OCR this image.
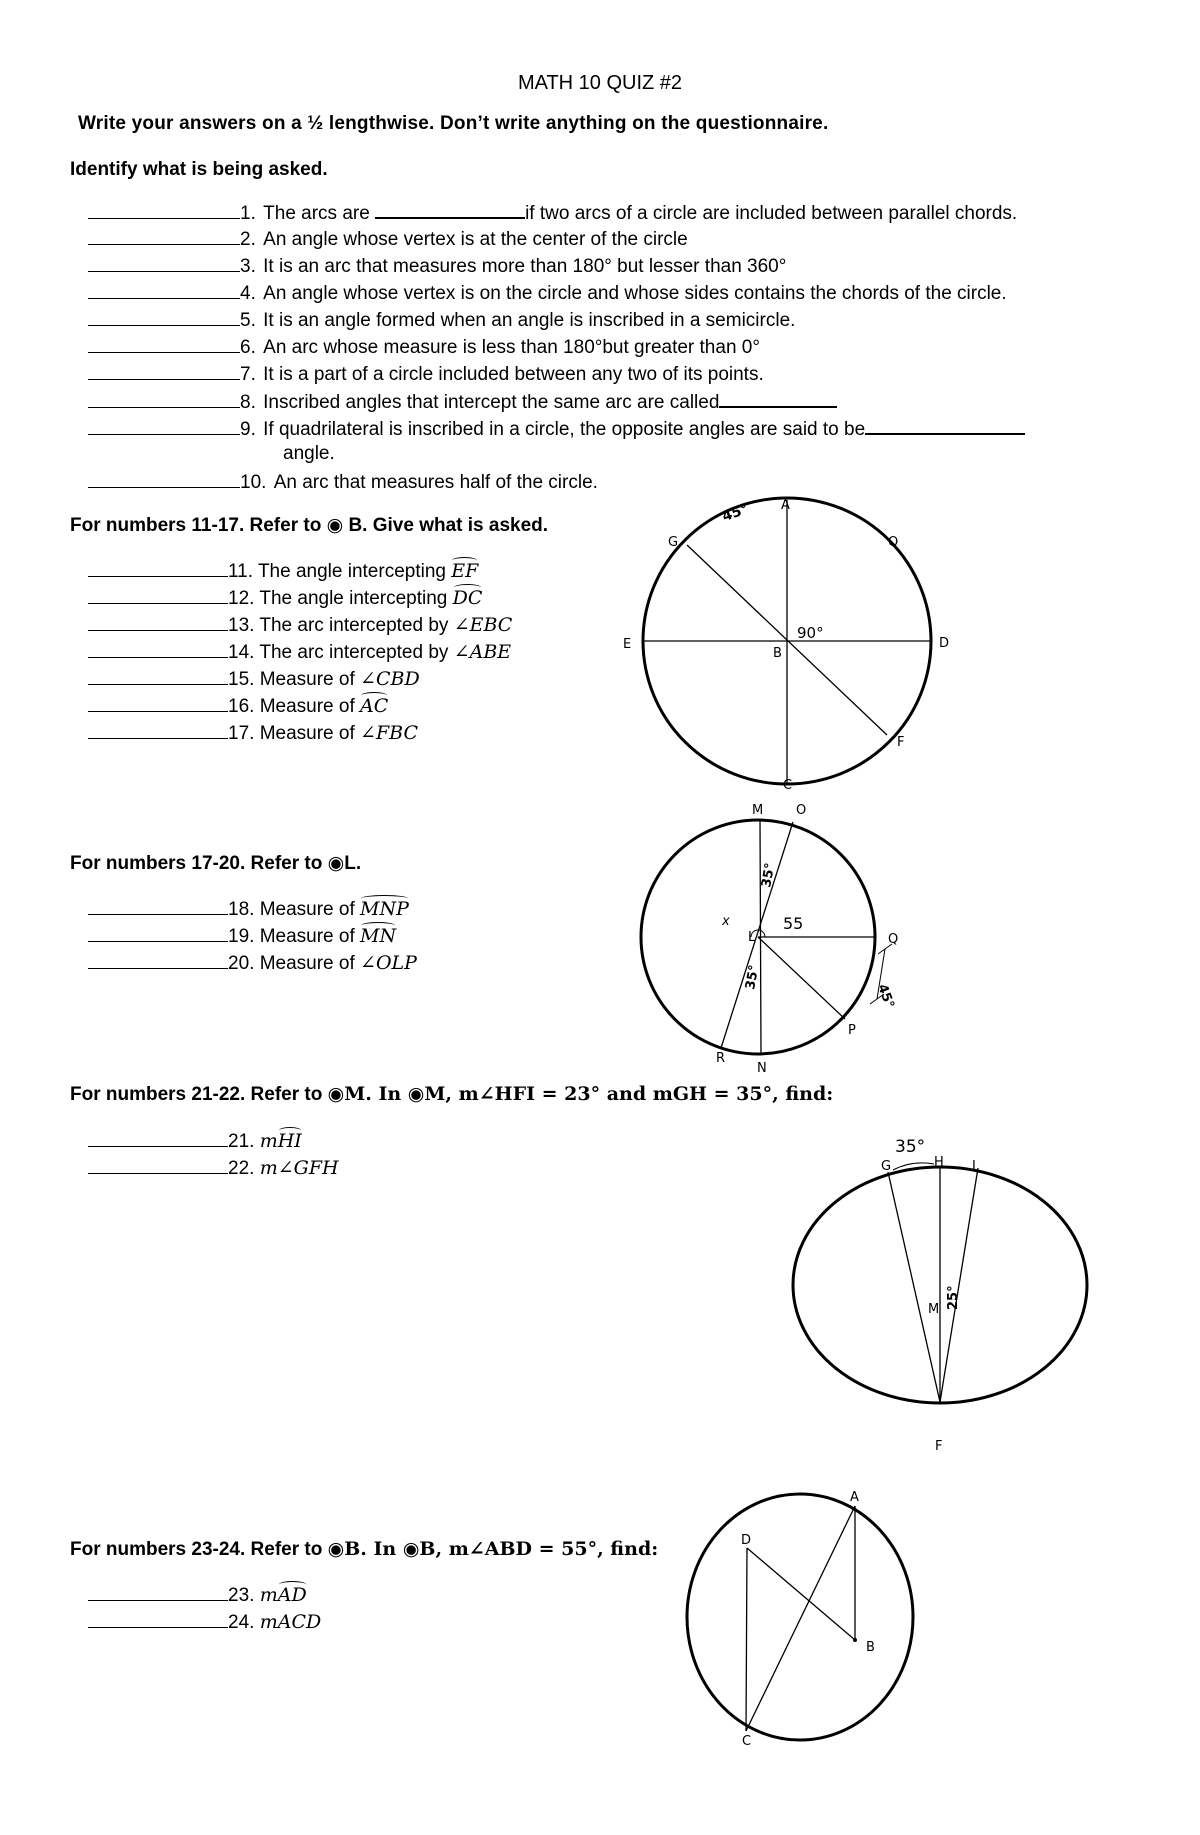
MATH 10 QUIZ #2
Write your answers on a ½ lengthwise. Don’t write anything on the questionnaire.
Identify what is being asked.
1. The arcs are	if two arcs of a circle are included between parallel chords.
2. An angle whose vertex is at the center of the circle
3. It is an arc that measures more than 180° but lesser than 360°
4. An angle whose vertex is on the circle and whose sides contains the chords of the circle.
5. It is an angle formed when an angle is inscribed in a semicircle.
6. An arc whose measure is less than 180°but greater than 0°
7. It is a part of a circle included between any two of its points.
8. Inscribed angles that intercept the same arc are called
9. If quadrilateral is inscribed in a circle, the opposite angles are said to be
angle.
10. An arc that measures half of the circle.
For numbers 11-17. Refer to ◉ B. Give what is asked.
11. The angle intercepting EF
12. The angle intercepting DC
13. The arc intercepted by ∠EBC
14. The arc intercepted by ∠ABE
15. Measure of ∠CBD
16. Measure of AC
17. Measure of ∠FBC
For numbers 17-20. Refer to ◉L.
18. Measure of MNP
19. Measure of MN
20. Measure of ∠OLP
For numbers 21-22. Refer to ◉M. In ◉M, m∠HFI = 23° and mGH = 35°, find:
21. mHI
22. m∠GFH
For numbers 23-24. Refer to ◉B. In ◉B, m∠ABD = 55°, find:
23. mAD
24. mACD
A
O
G
E
B
D
F
C
90°
45°
M	O
L	Q
P
N
R
x	55
35°
35°
45°
G	H I
M
F
35°
25°
A
D
B
C
